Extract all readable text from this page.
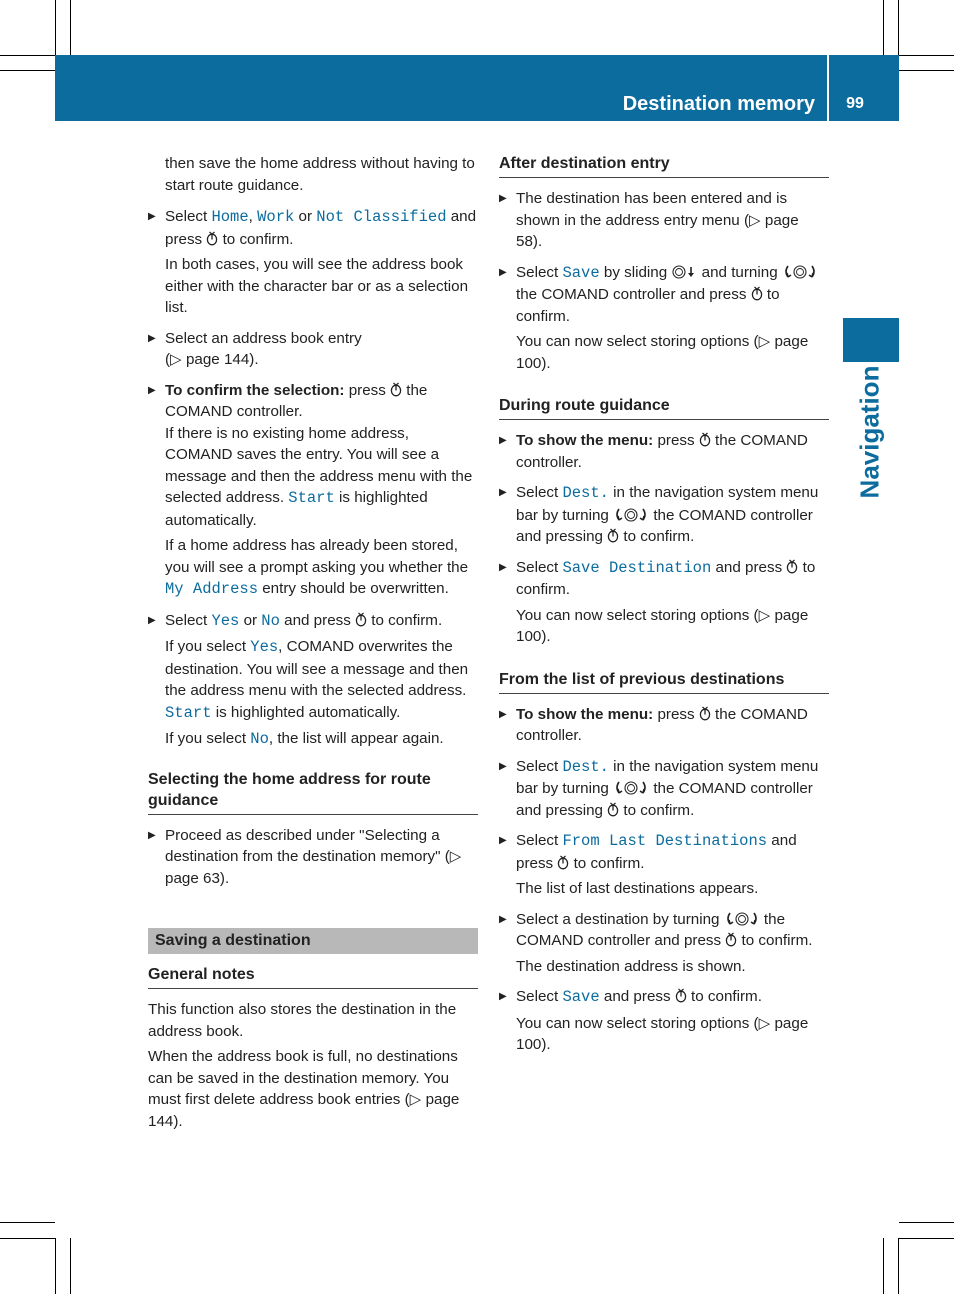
Destination memory	99
Navigation

then save the home address without having to start route guidance.

▶ Select Home, Work or Not Classified and press
to confirm.

In both cases, you will see the address book either with the character bar or as a selection list.

▶ Select an address book entry
(▷ page 144).

▶ To confirm the selection: press
the COMAND controller.
If there is no existing home address, COMAND saves the entry. You will see a message and then the address menu with the selected address. Start is highlighted automatically.

If a home address has already been stored, you will see a prompt asking you whether the My Address entry should be overwritten.

▶ Select Yes or No and press
to confirm.

If you select Yes, COMAND overwrites the destination. You will see a message and then the address menu with the selected address. Start is highlighted automatically.

If you select No, the list will appear again.

Selecting the home address for route guidance
▶ Proceed as described under "Selecting a destination from the destination memory" (▷ page 63).

Saving a destination
General notes

This function also stores the destination in the address book.

When the address book is full, no destinations can be saved in the destination memory. You must first delete address book entries (▷ page 144).

After destination entry
▶ The destination has been entered and is shown in the address entry menu (▷ page 58).

▶ Select Save by sliding
and turning
the COMAND controller and press
to confirm.

You can now select storing options (▷ page 100).

During route guidance
▶ To show the menu: press
the COMAND controller.

▶ Select Dest. in the navigation system menu bar by turning
the COMAND controller and pressing
to confirm.

▶ Select Save Destination and press
to confirm.

You can now select storing options (▷ page 100).

From the list of previous destinations
▶ To show the menu: press
the COMAND controller.

▶ Select Dest. in the navigation system menu bar by turning
the COMAND controller and pressing
to confirm.

▶ Select From Last Destinations and press
to confirm.

The list of last destinations appears.

▶ Select a destination by turning
the COMAND controller and press
to confirm.

The destination address is shown.

▶ Select Save and press
to confirm.

You can now select storing options (▷ page 100).
